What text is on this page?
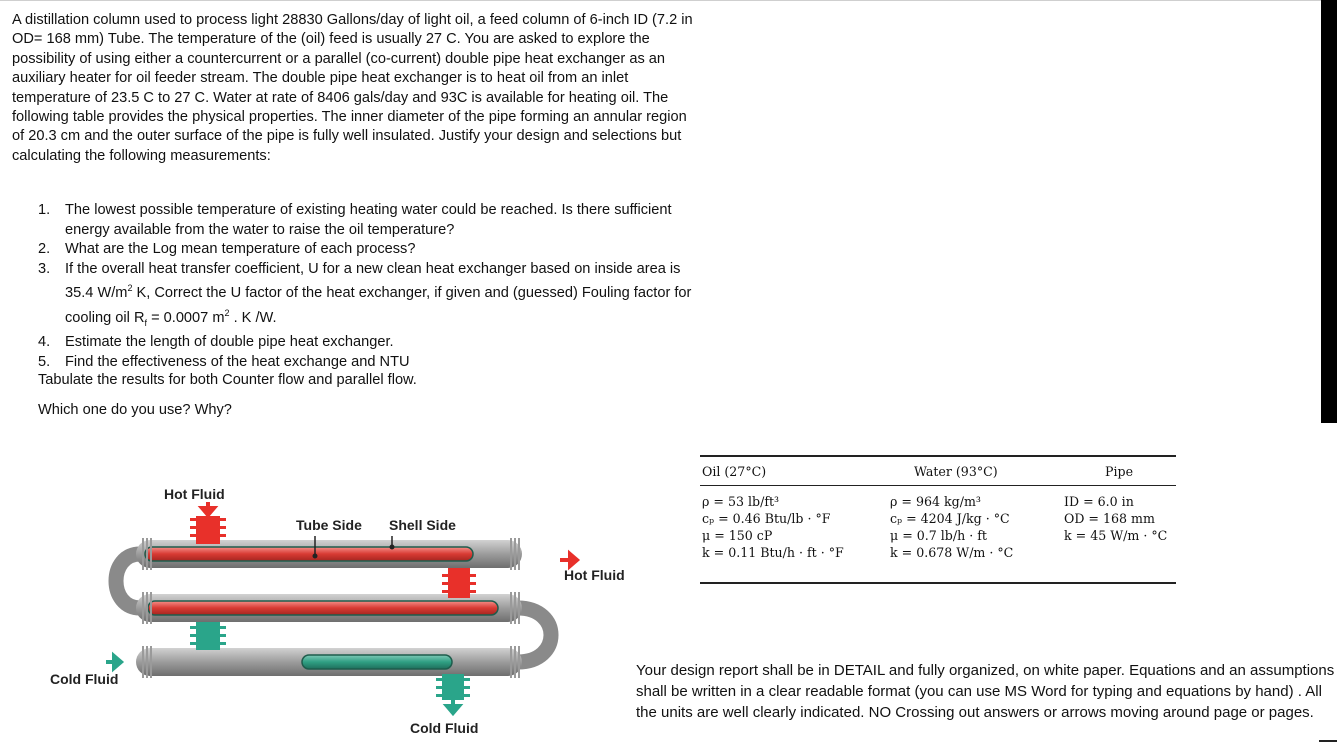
A distillation column used to process light 28830 Gallons/day of light oil, a feed column of 6-inch ID (7.2 in OD= 168 mm) Tube. The temperature of the (oil) feed is usually 27 C. You are asked to explore the possibility of using either a countercurrent or a parallel (co-current) double pipe heat exchanger as an auxiliary heater for oil feeder stream. The double pipe heat exchanger is to heat oil from an inlet temperature of 23.5 C to 27 C. Water at rate of 8406 gals/day and 93C is available for heating oil. The following table provides the physical properties. The inner diameter of the pipe forming an annular region of 20.3 cm and the outer surface of the pipe is fully well insulated. Justify your design and selections but calculating the following measurements:

1. The lowest possible temperature of existing heating water could be reached. Is there sufficient energy available from the water to raise the oil temperature?
2. What are the Log mean temperature of each process?
3. If the overall heat transfer coefficient, U for a new clean heat exchanger based on inside area is 35.4 $W/m^2$ K, Correct the U factor of the heat exchanger, if given and (guessed) Fouling factor for cooling oil $R_f = 0.0007$ $m^2$ . K /W.
4. Estimate the length of double pipe heat exchanger.
5. Find the effectiveness of the heat exchange and NTU

Tabulate the results for both Counter flow and parallel flow.

Which one do you use? Why?

Hot Fluid
Tube Side Shell Side
Hot Fluid
Cold Fluid
Cold Fluid
Oil (27°C)	Water (93°C)	Pipe
ρ = 53 lb/ft³
cₚ = 0.46 Btu/lb · °F
μ = 150 cP
k = 0.11 Btu/h · ft · °F
ρ = 964 kg/m³
cₚ = 4204 J/kg · °C
μ = 0.7 lb/h · ft
k = 0.678 W/m · °C
ID = 6.0 in
OD = 168 mm
k = 45 W/m · °C

Your design report shall be in DETAIL and fully organized, on white paper. Equations and an assumptions shall be written in a clear readable format (you can use MS Word for typing and equations by hand) . All the units are well clearly indicated. NO Crossing out answers or arrows moving around page or pages.
